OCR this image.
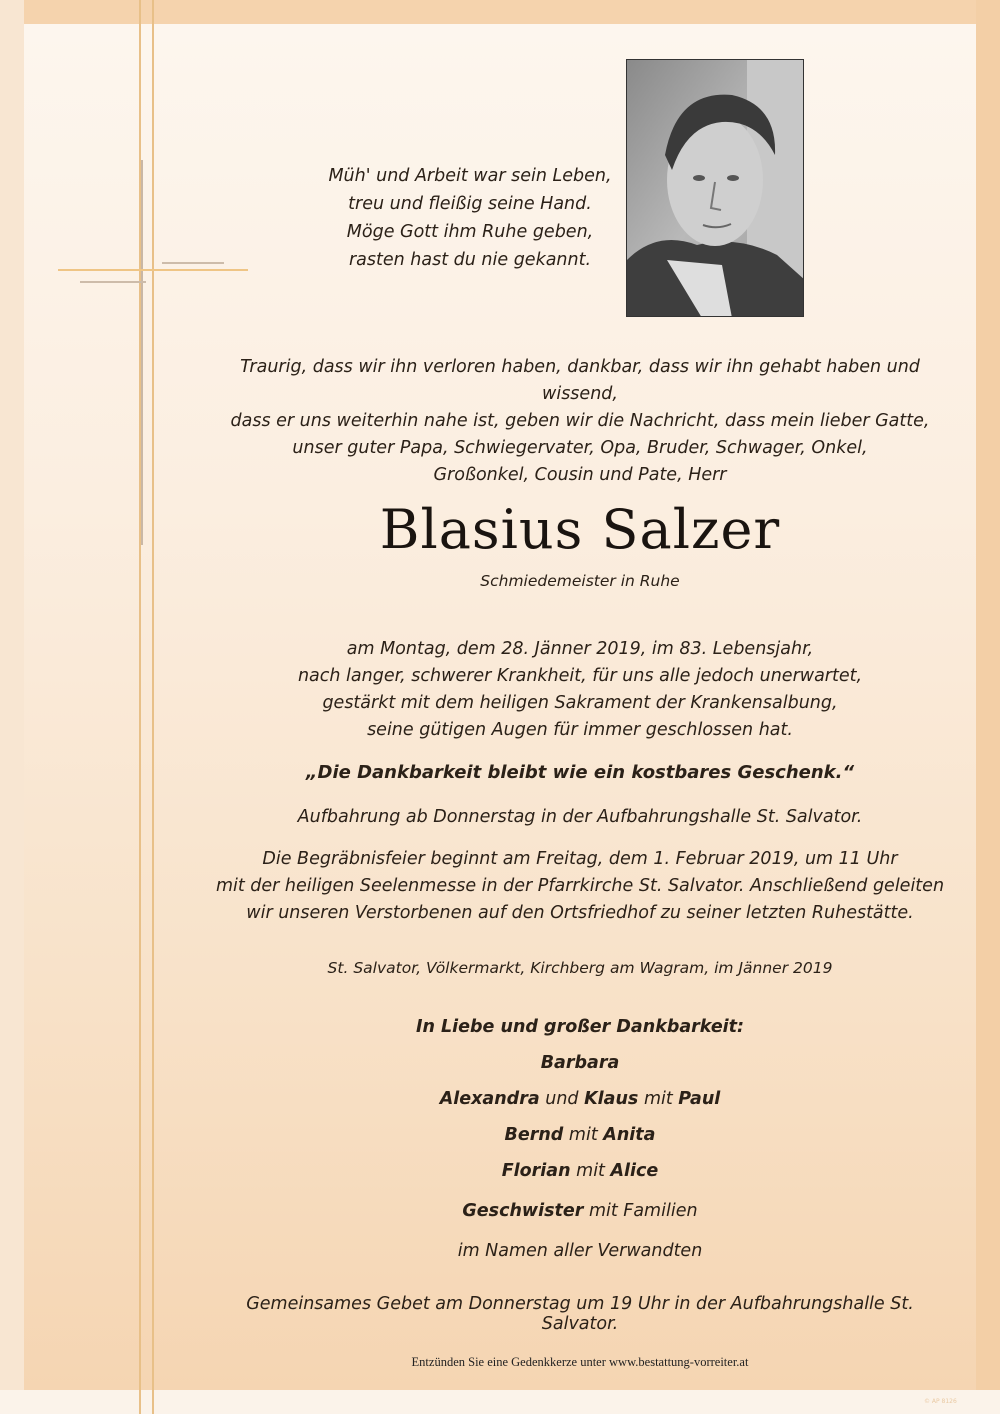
Müh' und Arbeit war sein Leben,
treu und fleißig seine Hand.
Möge Gott ihm Ruhe geben,
rasten hast du nie gekannt.
Traurig, dass wir ihn verloren haben, dankbar, dass wir ihn gehabt haben und wissend,
dass er uns weiterhin nahe ist, geben wir die Nachricht, dass mein lieber Gatte,
unser guter Papa, Schwiegervater, Opa, Bruder, Schwager, Onkel,
Großonkel, Cousin und Pate, Herr
Blasius Salzer
Schmiedemeister in Ruhe
am Montag, dem 28. Jänner 2019, im 83. Lebensjahr,
nach langer, schwerer Krankheit, für uns alle jedoch unerwartet,
gestärkt mit dem heiligen Sakrament der Krankensalbung,
seine gütigen Augen für immer geschlossen hat.
„Die Dankbarkeit bleibt wie ein kostbares Geschenk.“
Aufbahrung ab Donnerstag in der Aufbahrungshalle St. Salvator.
Die Begräbnisfeier beginnt am Freitag, dem 1. Februar 2019, um 11 Uhr
mit der heiligen Seelenmesse in der Pfarrkirche St. Salvator. Anschließend geleiten
wir unseren Verstorbenen auf den Ortsfriedhof zu seiner letzten Ruhestätte.
St. Salvator, Völkermarkt, Kirchberg am Wagram, im Jänner 2019
In Liebe und großer Dankbarkeit:
Barbara
Alexandra und Klaus mit Paul
Bernd mit Anita
Florian mit Alice
Geschwister mit Familien
im Namen aller Verwandten
Gemeinsames Gebet am Donnerstag um 19 Uhr in der Aufbahrungshalle St. Salvator.
Entzünden Sie eine Gedenkkerze unter www.bestattung-vorreiter.at
© AP 8126
